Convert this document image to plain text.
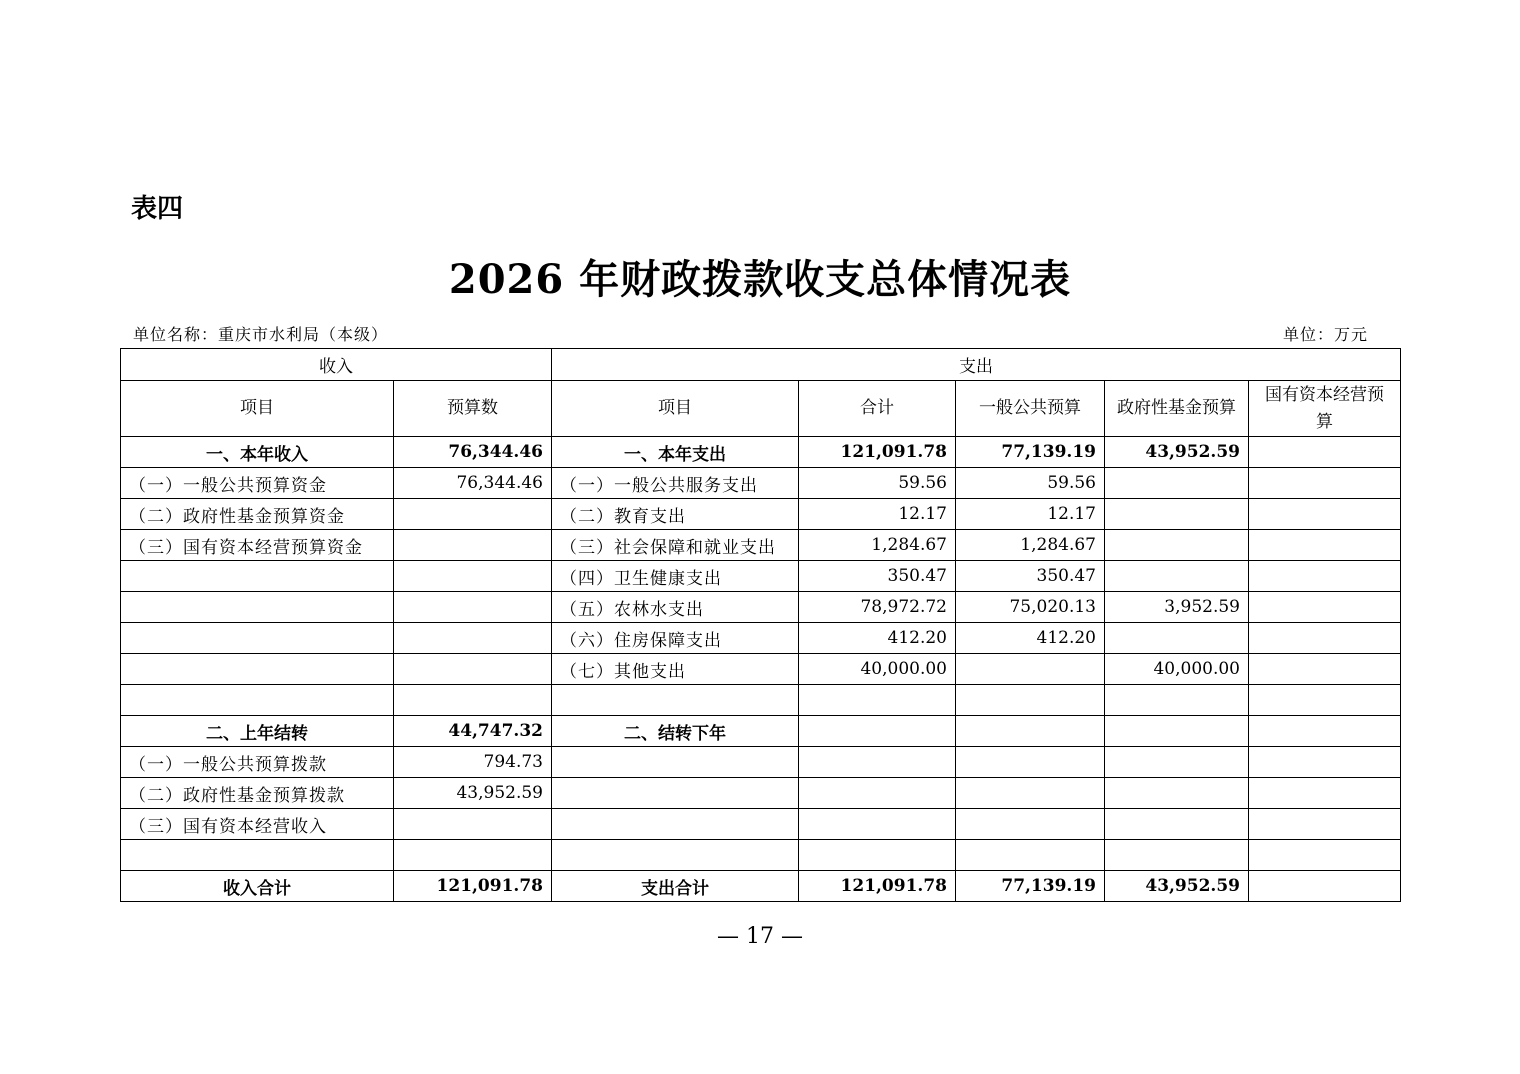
表四
2026 年财政拨款收支总体情况表
单位名称：重庆市水利局（本级）	单位：万元
收入		支出				
项目	预算数	项目	合计	一般公共预算	政府性基金预算	国有资本经营预算
一、本年收入	76,344.46	一、本年支出	121,091.78	77,139.19	43,952.59	
（一）一般公共预算资金	76,344.46	（一）一般公共服务支出	59.56	59.56		
（二）政府性基金预算资金		（二）教育支出	12.17	12.17		
（三）国有资本经营预算资金		（三）社会保障和就业支出	1,284.67	1,284.67		
		（四）卫生健康支出	350.47	350.47		
		（五）农林水支出	78,972.72	75,020.13	3,952.59	
		（六）住房保障支出	412.20	412.20		
		（七）其他支出	40,000.00		40,000.00	

二、上年结转	44,747.32	二、结转下年				
（一）一般公共预算拨款	794.73					
（二）政府性基金预算拨款	43,952.59					
（三）国有资本经营收入						

收入合计	121,091.78	支出合计	121,091.78	77,139.19	43,952.59	
— 17 —
